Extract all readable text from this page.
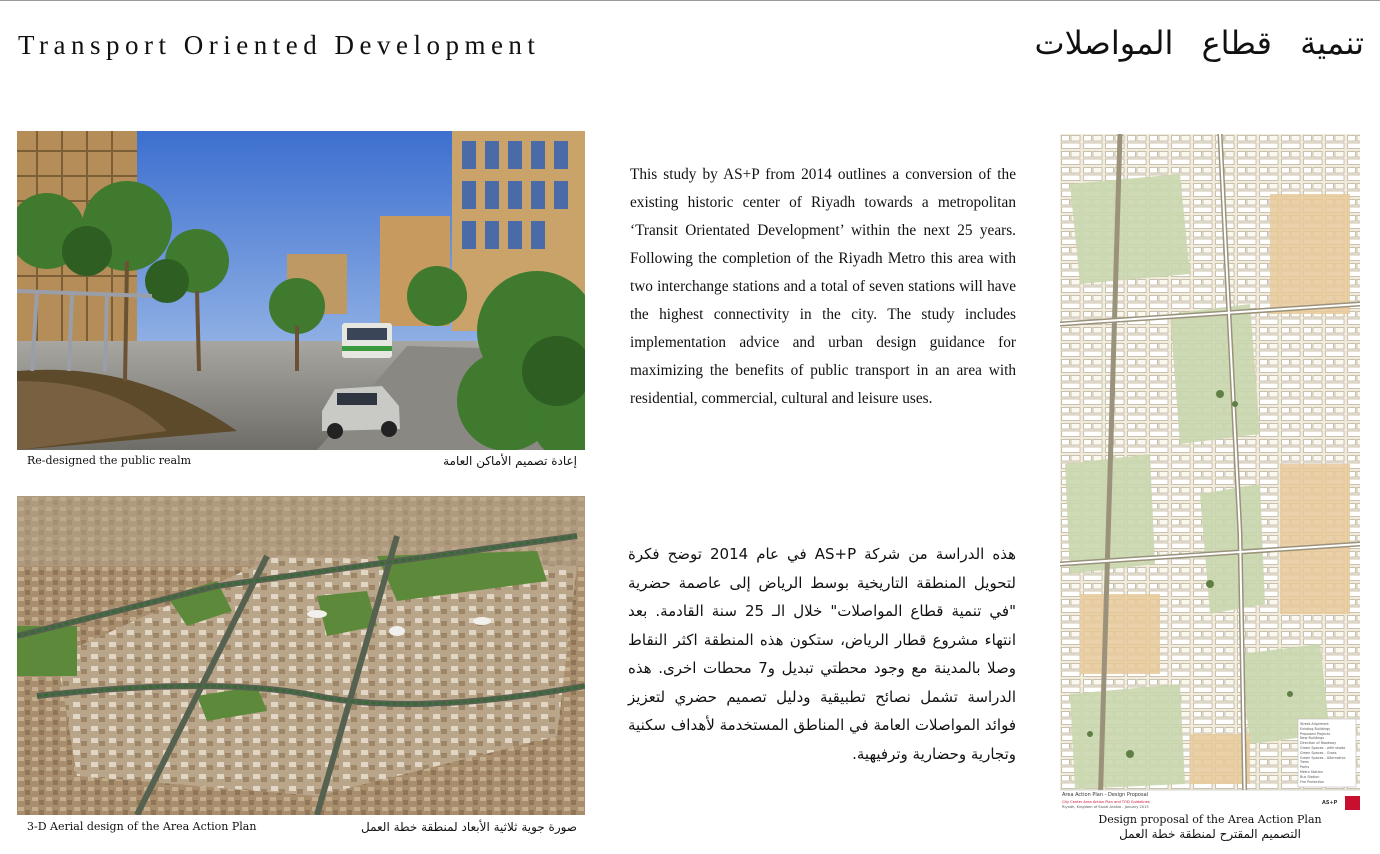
Transport Oriented Development	تنمية قطاع المواصلات
Re-designed the public realm	إعادة تصميم الأماكن العامة
3-D Aerial design of the Area Action Plan	صورة جوية ثلاثية الأبعاد لمنطقة خطة العمل

This study by AS+P from 2014 outlines a conversion of the existing historic center of Riyadh towards a metropolitan ‘Transit Orientated Development’ within the next 25 years. Following the completion of the Riyadh Metro this area with two interchange stations and a total of seven stations will have the highest connectivity in the city. The study includes implementation advice and urban design guidance for maximizing the benefits of public transport in an area with residential, commercial, cultural and leisure uses.

هذه الدراسة من شركة AS+P في عام 2014 توضح فكرة لتحويل المنطقة التاريخية بوسط الرياض إلى عاصمة حضرية "في تنمية قطاع المواصلات" خلال الـ 25 سنة القادمة. بعد انتهاء مشروع قطار الرياض، ستكون هذه المنطقة اكثر النقاط وصلا بالمدينة مع وجود محطتي تبديل و7 محطات اخرى. هذه الدراسة تشمل نصائح تطبيقية ودليل تصميم حضري لتعزيز فوائد المواصلات العامة في المناطق المستخدمة لأهداف سكنية وتجارية وحضارية وترفيهية.

Street Alignment
Existing Buildings
Proposed Projects
New Buildings
Direction of Roadway
Green Spaces - with shade
Green Spaces - Grass
Green Spaces - Alternative
Trees
Parks
Metro Station
Bus Station
Fire Protection
Area Action Plan - Design Proposal
City Center Area Action Plan and TOD Guidelines
Riyadh, Kingdom of Saudi Arabia - January 2015
AS+P
Design proposal of the Area Action Plan
التصميم المقترح لمنطقة خطة العمل
